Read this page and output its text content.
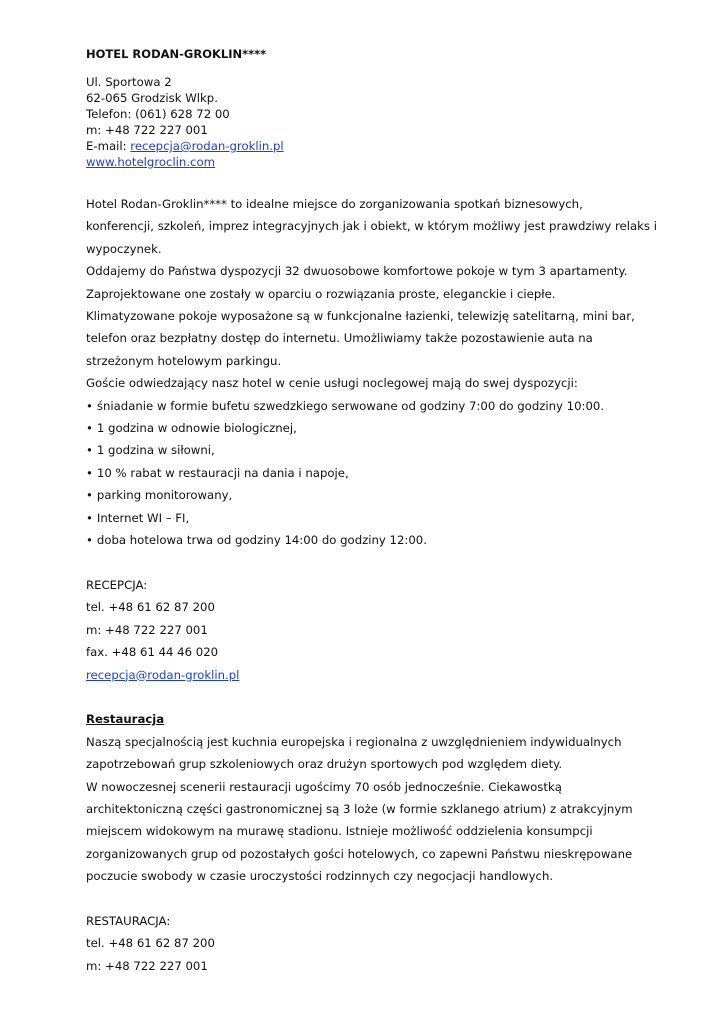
HOTEL RODAN-GROKLIN****
Ul. Sportowa 2
62-065 Grodzisk Wlkp.
Telefon: (061) 628 72 00
m: +48 722 227 001
E-mail: recepcja@rodan-groklin.pl
www.hotelgroclin.com
Hotel Rodan-Groklin**** to idealne miejsce do zorganizowania spotkań biznesowych,
konferencji, szkoleń, imprez integracyjnych jak i obiekt, w którym możliwy jest prawdziwy relaks i
wypoczynek.
Oddajemy do Państwa dyspozycji 32 dwuosobowe komfortowe pokoje w tym 3 apartamenty.
Zaprojektowane one zostały w oparciu o rozwiązania proste, eleganckie i ciepłe.
Klimatyzowane pokoje wyposażone są w funkcjonalne łazienki, telewizję satelitarną, mini bar,
telefon oraz bezpłatny dostęp do internetu. Umożliwiamy także pozostawienie auta na
strzeżonym hotelowym parkingu.
Goście odwiedzający nasz hotel w cenie usługi noclegowej mają do swej dyspozycji:
• śniadanie w formie bufetu szwedzkiego serwowane od godziny 7:00 do godziny 10:00.
• 1 godzina w odnowie biologicznej,
• 1 godzina w siłowni,
• 10 % rabat w restauracji na dania i napoje,
• parking monitorowany,
• Internet WI – FI,
• doba hotelowa trwa od godziny 14:00 do godziny 12:00.
RECEPCJA:
tel. +48 61 62 87 200
m: +48 722 227 001
fax. +48 61 44 46 020
recepcja@rodan-groklin.pl
Restauracja
Naszą specjalnością jest kuchnia europejska i regionalna z uwzględnieniem indywidualnych
zapotrzebowań grup szkoleniowych oraz drużyn sportowych pod względem diety.
W nowoczesnej scenerii restauracji ugościmy 70 osób jednocześnie. Ciekawostką
architektoniczną części gastronomicznej są 3 loże (w formie szklanego atrium) z atrakcyjnym
miejscem widokowym na murawę stadionu. Istnieje możliwość oddzielenia konsumpcji
zorganizowanych grup od pozostałych gości hotelowych, co zapewni Państwu nieskrępowane
poczucie swobody w czasie uroczystości rodzinnych czy negocjacji handlowych.
RESTAURACJA:
tel. +48 61 62 87 200
m: +48 722 227 001
